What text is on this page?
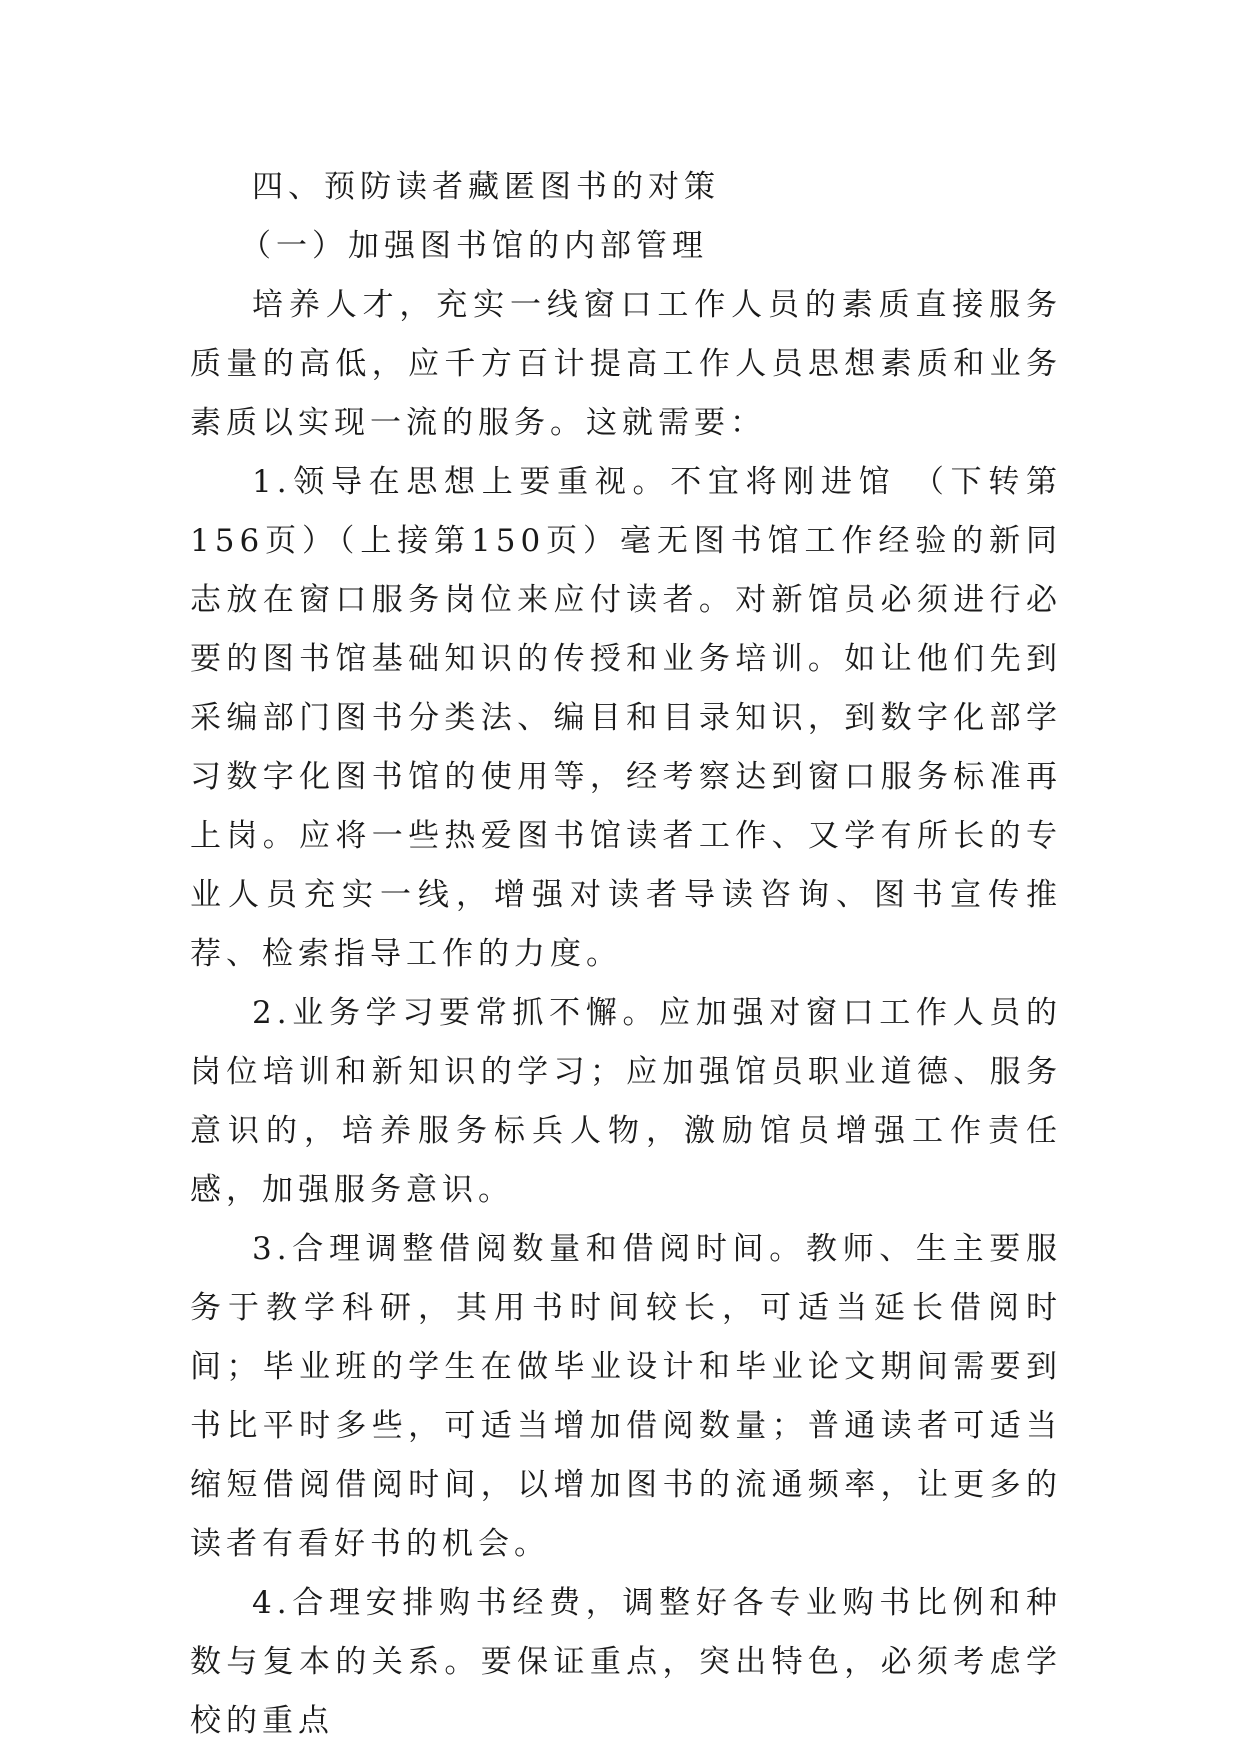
四、预防读者藏匿图书的对策

（一）加强图书馆的内部管理

培养人才，充实一线窗口工作人员的素质直接服务质量的高低，应千方百计提高工作人员思想素质和业务素质以实现一流的服务。这就需要：

1.领导在思想上要重视。不宜将刚进馆 （下转第156页）（上接第150页）毫无图书馆工作经验的新同志放在窗口服务岗位来应付读者。对新馆员必须进行必要的图书馆基础知识的传授和业务培训。如让他们先到采编部门图书分类法、编目和目录知识，到数字化部学习数字化图书馆的使用等，经考察达到窗口服务标准再上岗。应将一些热爱图书馆读者工作、又学有所长的专业人员充实一线，增强对读者导读咨询、图书宣传推荐、检索指导工作的力度。

2.业务学习要常抓不懈。应加强对窗口工作人员的岗位培训和新知识的学习；应加强馆员职业道德、服务意识的，培养服务标兵人物，激励馆员增强工作责任感，加强服务意识。

3.合理调整借阅数量和借阅时间。教师、生主要服务于教学科研，其用书时间较长，可适当延长借阅时间；毕业班的学生在做毕业设计和毕业论文期间需要到书比平时多些，可适当增加借阅数量；普通读者可适当缩短借阅借阅时间，以增加图书的流通频率，让更多的读者有看好书的机会。

4.合理安排购书经费，调整好各专业购书比例和种数与复本的关系。要保证重点，突出特色，必须考虑学校的重点
